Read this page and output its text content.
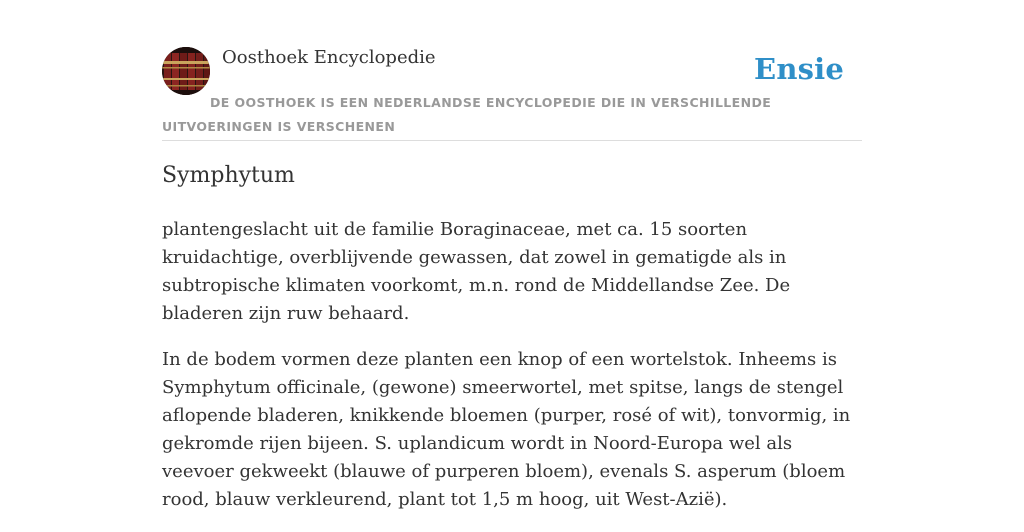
Oosthoek Encyclopedie	Ensie
DE OOSTHOEK IS EEN NEDERLANDSE ENCYCLOPEDIE DIE IN VERSCHILLENDE UITVOERINGEN IS VERSCHENEN
Symphytum

plantengeslacht uit de familie Boraginaceae, met ca. 15 soorten kruidachtige, overblijvende gewassen, dat zowel in gematigde als in subtropische klimaten voorkomt, m.n. rond de Middellandse Zee. De bladeren zijn ruw behaard.

In de bodem vormen deze planten een knop of een wortelstok. Inheems is Symphytum officinale, (gewone) smeerwortel, met spitse, langs de stengel aflopende bladeren, knikkende bloemen (purper, rosé of wit), tonvormig, in gekromde rijen bijeen. S. uplandicum wordt in Noord-Europa wel als veevoer gekweekt (blauwe of purperen bloem), evenals S. asperum (bloem rood, blauw verkleurend, plant tot 1,5 m hoog, uit West-Azië).
